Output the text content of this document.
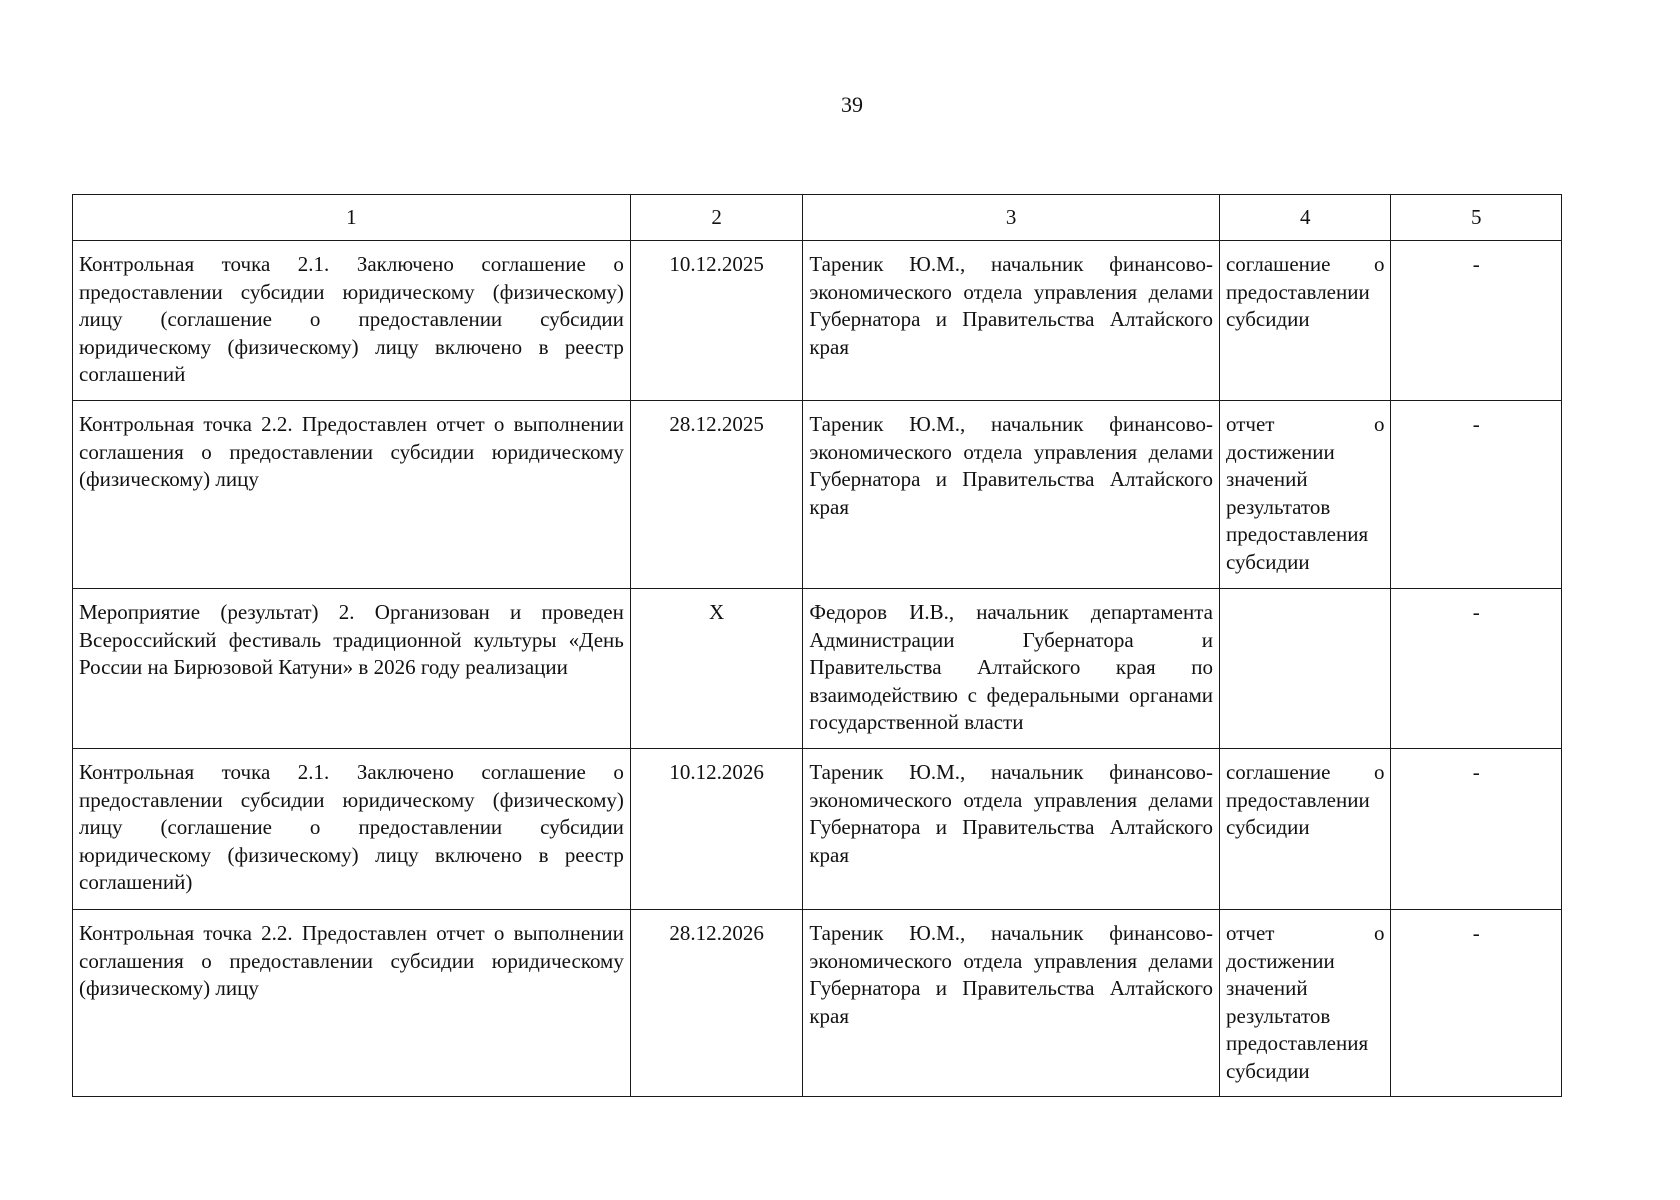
39
1	2	3	4	5

Контрольная точка 2.1. Заключено соглашение о предоставлении субсидии юридическому (физическому) лицу (соглашение о предоставлении субсидии юридическому (физическому) лицу включено в реестр соглашений	10.12.2025	Тареник Ю.М., начальник финансово-экономического отдела управления делами Губернатора и Правительства Алтайского края	соглашение о предоставлении субсидии	-

Контрольная точка 2.2. Предоставлен отчет о выполнении соглашения о предоставлении субсидии юридическому (физическому) лицу	28.12.2025	Тареник Ю.М., начальник финансово-экономического отдела управления делами Губернатора и Правительства Алтайского края	отчет о достижении значений результатов предоставления субсидии	-

Мероприятие (результат) 2. Организован и проведен Всероссийский фестиваль традиционной культуры «День России на Бирюзовой Катуни» в 2026 году реализации	Х	Федоров И.В., начальник департамента Администрации Губернатора и Правительства Алтайского края по взаимодействию с федеральными органами государственной власти		-

Контрольная точка 2.1. Заключено соглашение о предоставлении субсидии юридическому (физическому) лицу (соглашение о предоставлении субсидии юридическому (физическому) лицу включено в реестр соглашений)	10.12.2026	Тареник Ю.М., начальник финансово-экономического отдела управления делами Губернатора и Правительства Алтайского края	соглашение о предоставлении субсидии	-

Контрольная точка 2.2. Предоставлен отчет о выполнении соглашения о предоставлении субсидии юридическому (физическому) лицу	28.12.2026	Тареник Ю.М., начальник финансово-экономического отдела управления делами Губернатора и Правительства Алтайского края	отчет о достижении значений результатов предоставления субсидии	-
